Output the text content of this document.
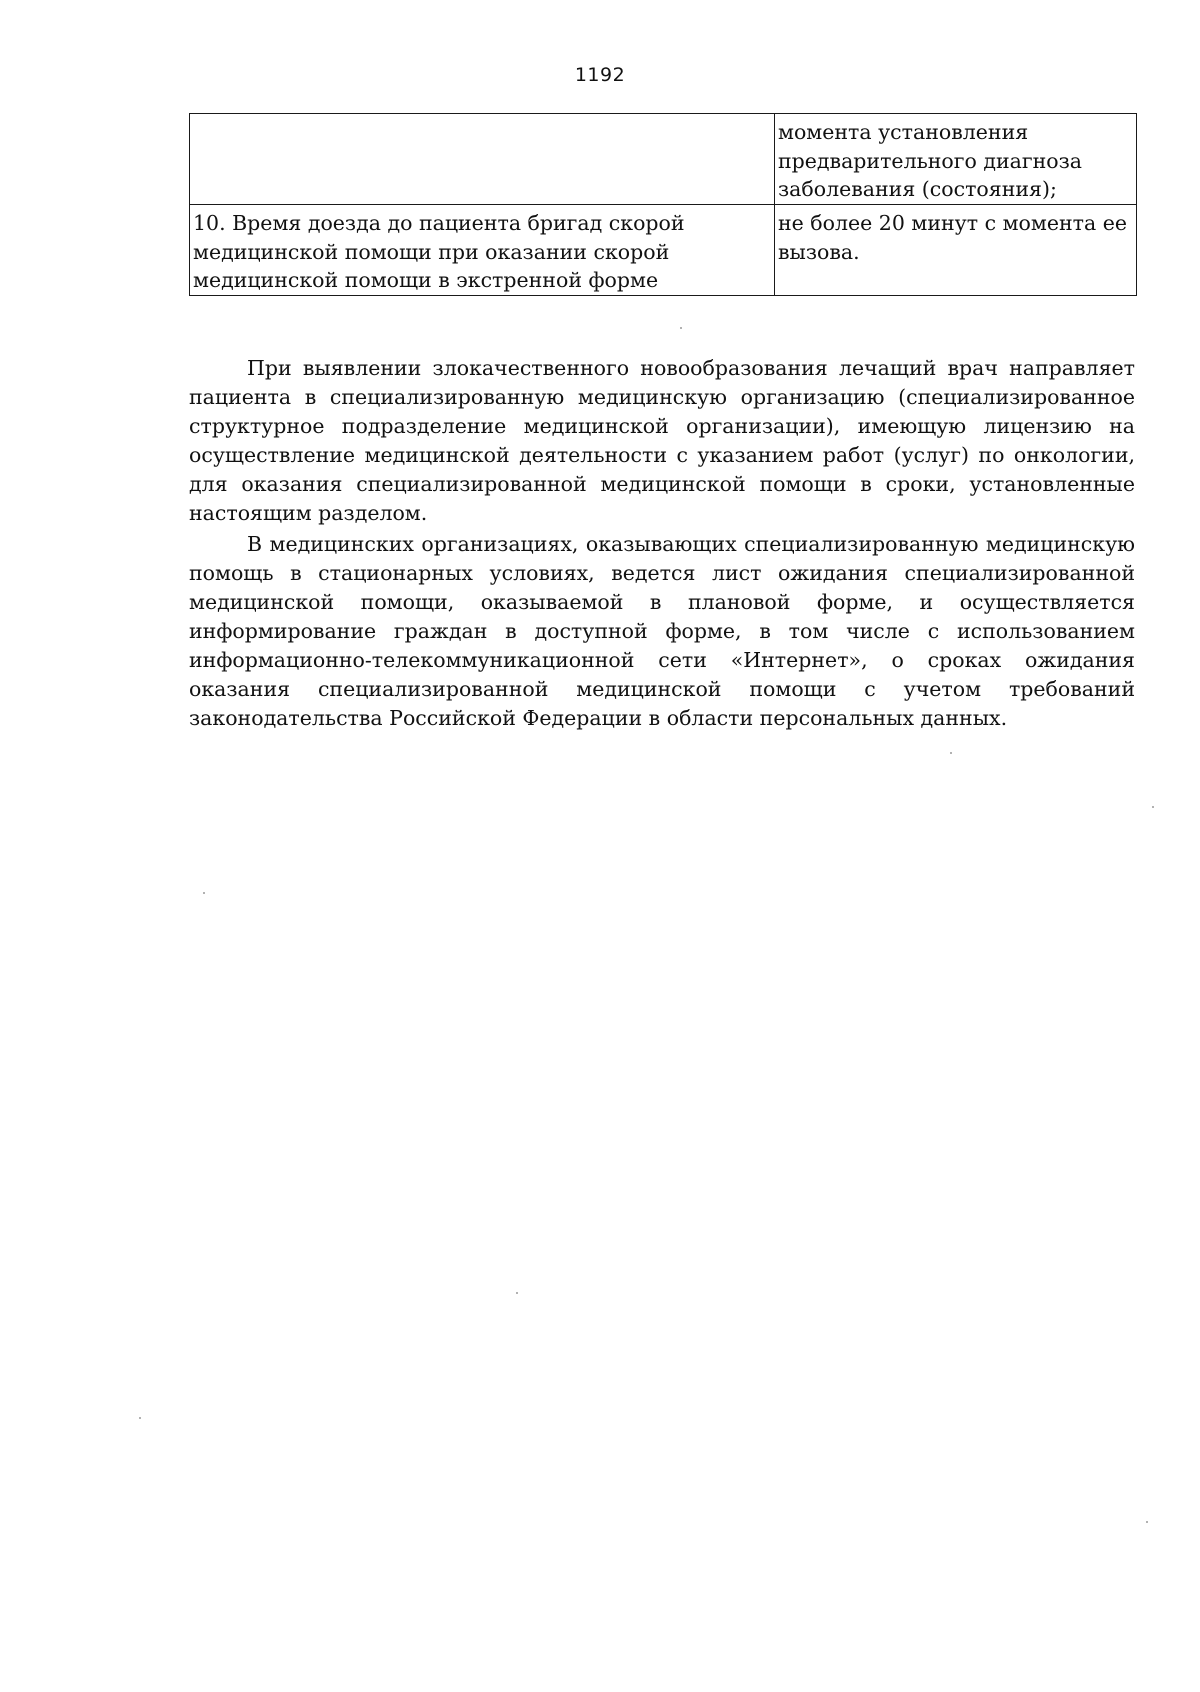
1192
	момента установления предварительного диагноза заболевания (состояния);
10. Время доезда до пациента бригад скорой медицинской помощи при оказании скорой медицинской помощи в экстренной форме	не более 20 минут с момента ее вызова.

При выявлении злокачественного новообразования лечащий врач направляет пациента в специализированную медицинскую организацию (специализированное структурное подразделение медицинской организации), имеющую лицензию на осуществление медицинской деятельности с указанием работ (услуг) по онкологии, для оказания специализированной медицинской помощи в сроки, установленные настоящим разделом.

В медицинских организациях, оказывающих специализированную медицинскую помощь в стационарных условиях, ведется лист ожидания специализированной медицинской помощи, оказываемой в плановой форме, и осуществляется информирование граждан в доступной форме, в том числе с использованием информационно-телекоммуникационной сети «Интернет», о сроках ожидания оказания специализированной медицинской помощи с учетом требований законодательства Российской Федерации в области персональных данных.
